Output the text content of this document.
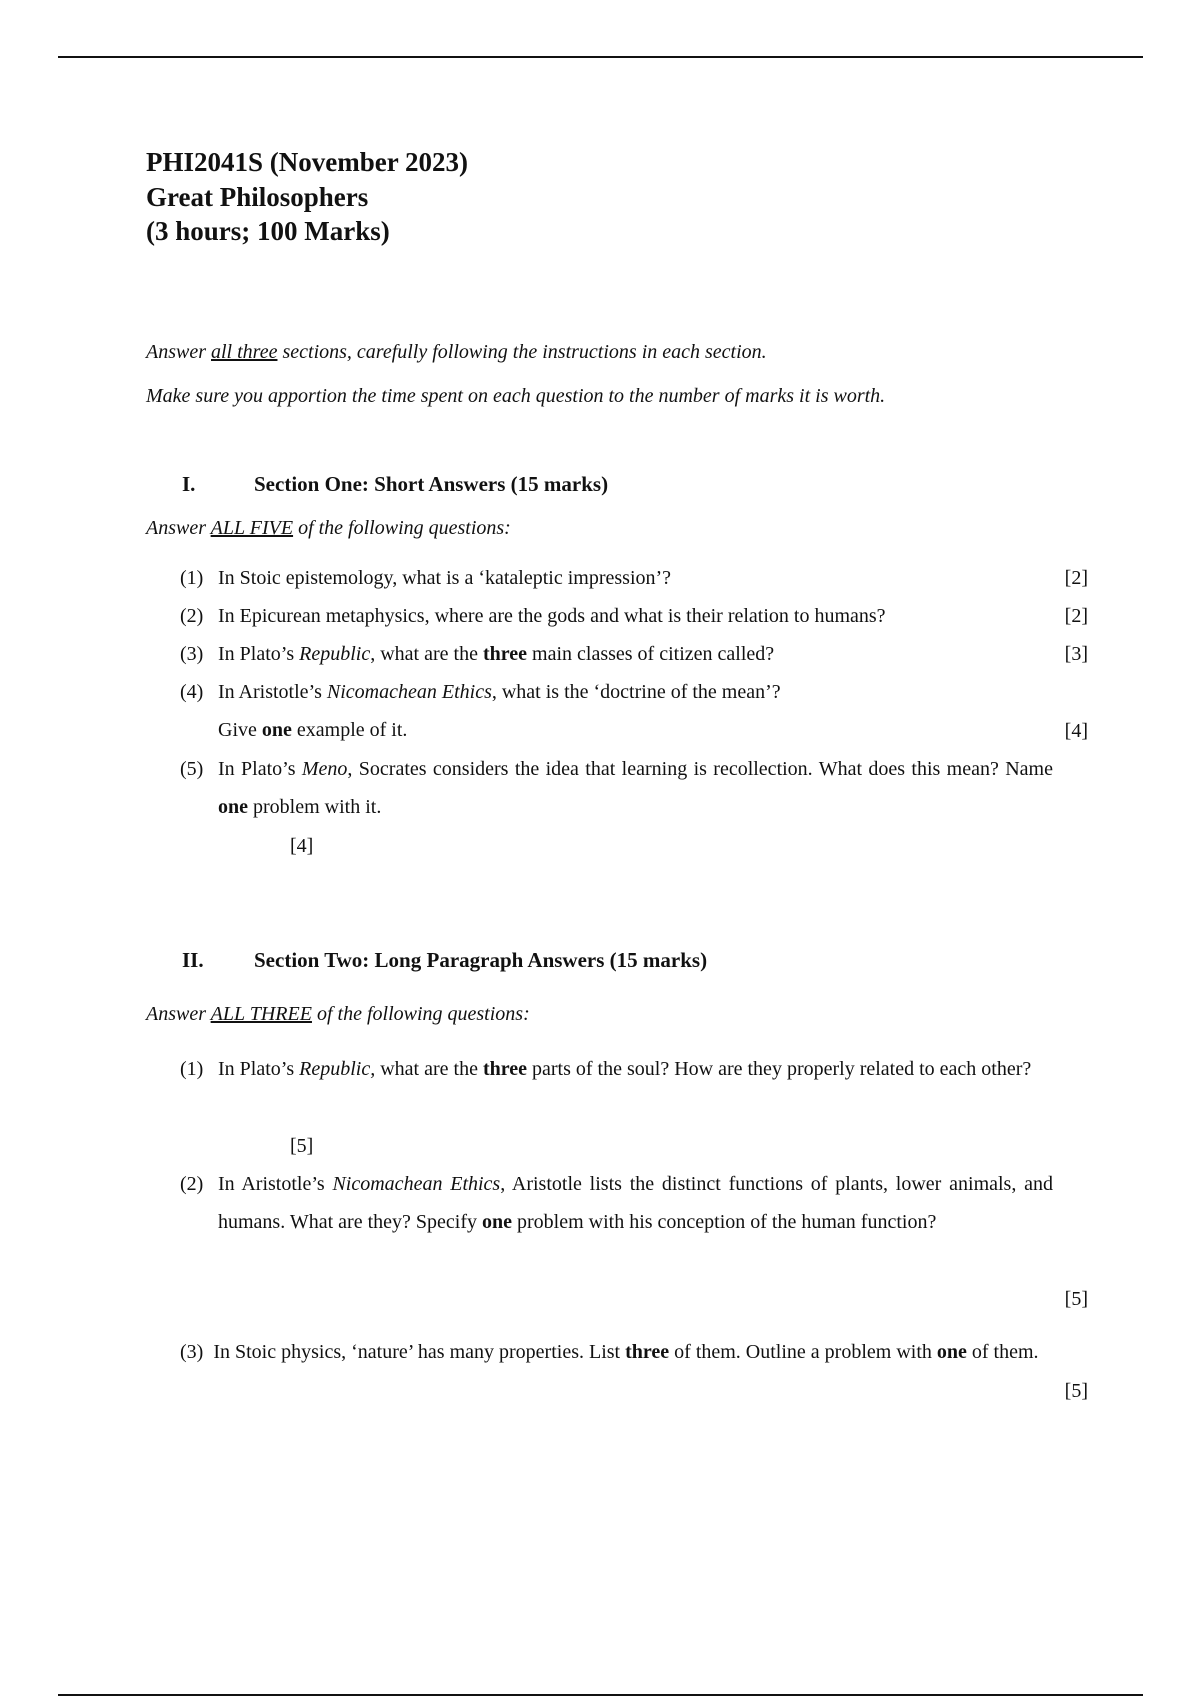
PHI2041S (November 2023)
Great Philosophers
(3 hours; 100 Marks)
Answer all three sections, carefully following the instructions in each section.
Make sure you apportion the time spent on each question to the number of marks it is worth.
I.	Section One: Short Answers (15 marks)
Answer ALL FIVE of the following questions:
(1) In Stoic epistemology, what is a ‘kataleptic impression’?	[2]
(2) In Epicurean metaphysics, where are the gods and what is their relation to humans?	[2]
(3) In Plato’s Republic, what are the three main classes of citizen called?	[3]
(4) In Aristotle’s Nicomachean Ethics, what is the ‘doctrine of the mean’?
Give one example of it.	[4]
(5) In Plato’s Meno, Socrates considers the idea that learning is recollection. What does this mean? Name one problem with it.
[4]
II. Section Two: Long Paragraph Answers (15 marks)
Answer ALL THREE of the following questions:
(1) In Plato’s Republic, what are the three parts of the soul? How are they properly related to each other?
[5]
(2) In Aristotle’s Nicomachean Ethics, Aristotle lists the distinct functions of plants, lower animals, and humans. What are they? Specify one problem with his conception of the human function?
[5]
(3) In Stoic physics, ‘nature’ has many properties. List three of them. Outline a problem with one of them.
[5]
